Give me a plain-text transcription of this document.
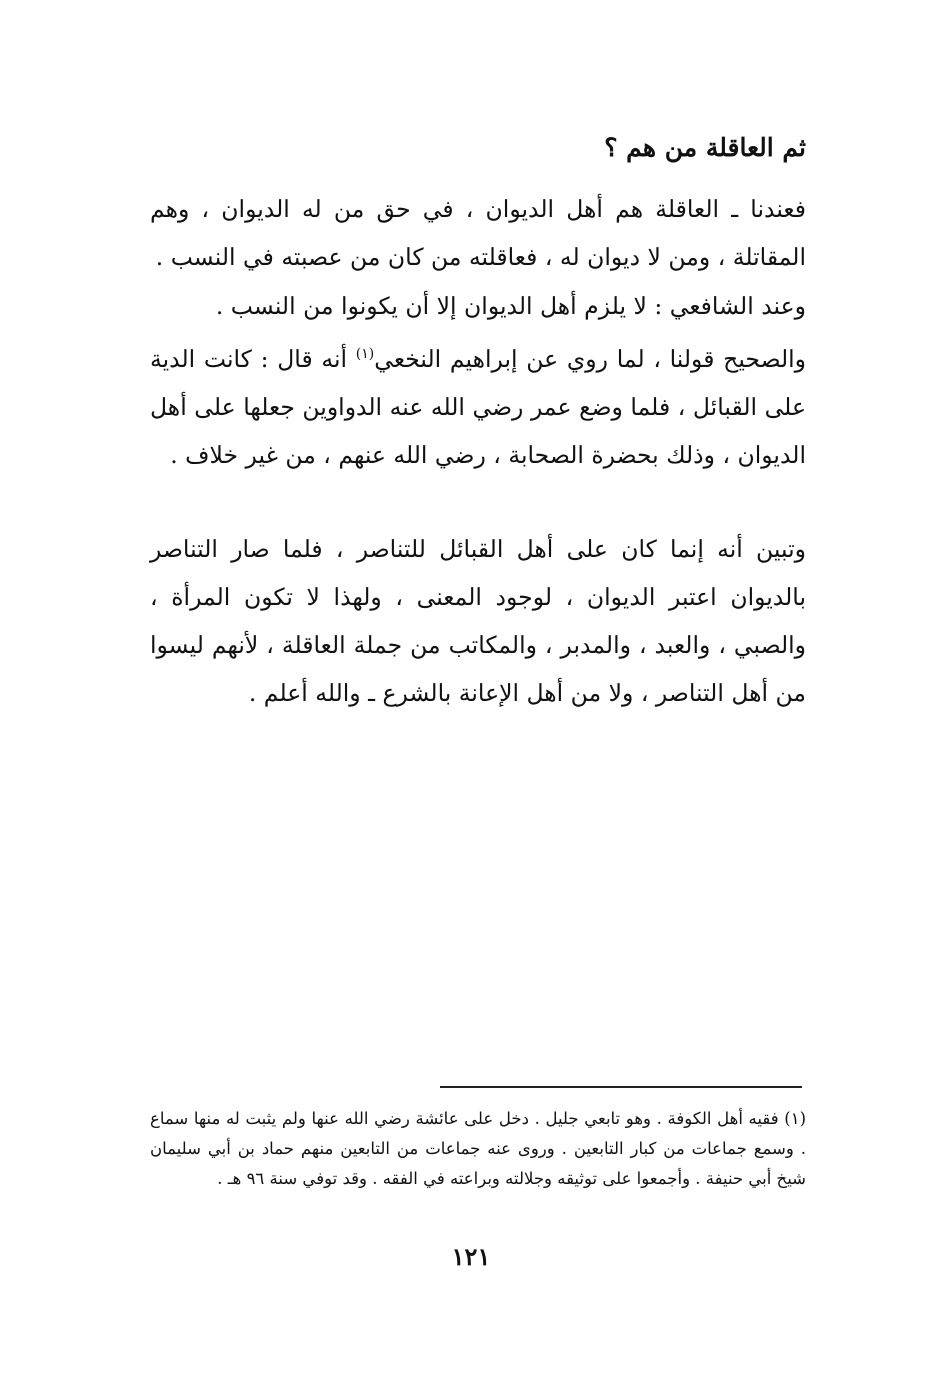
ثم العاقلة من هم ؟
فعندنا ـ العاقلة هم أهل الديوان ، في حق من له الديوان ، وهم المقاتلة ، ومن لا ديوان له ، فعاقلته من كان من عصبته في النسب .
وعند الشافعي : لا يلزم أهل الديوان إلا أن يكونوا من النسب .
والصحيح قولنا ، لما روي عن إبراهيم النخعي$^{(١)}$ أنه قال : كانت الدية على القبائل ، فلما وضع عمر رضي الله عنه الدواوين جعلها على أهل الديوان ، وذلك بحضرة الصحابة ، رضي الله عنهم ، من غير خلاف .
وتبين أنه إنما كان على أهل القبائل للتناصر ، فلما صار التناصر بالديوان اعتبر الديوان ، لوجود المعنى ، ولهذا لا تكون المرأة ، والصبي ، والعبد ، والمدبر ، والمكاتب من جملة العاقلة ، لأنهم ليسوا من أهل التناصر ، ولا من أهل الإعانة بالشرع ـ والله أعلم .
(١) فقيه أهل الكوفة . وهو تابعي جليل . دخل على عائشة رضي الله عنها ولم يثبت له منها سماع . وسمع جماعات من كبار التابعين . وروى عنه جماعات من التابعين منهم حماد بن أبي سليمان شيخ أبي حنيفة . وأجمعوا على توثيقه وجلالته وبراعته في الفقه . وقد توفي سنة ٩٦ هـ .
١٢١
